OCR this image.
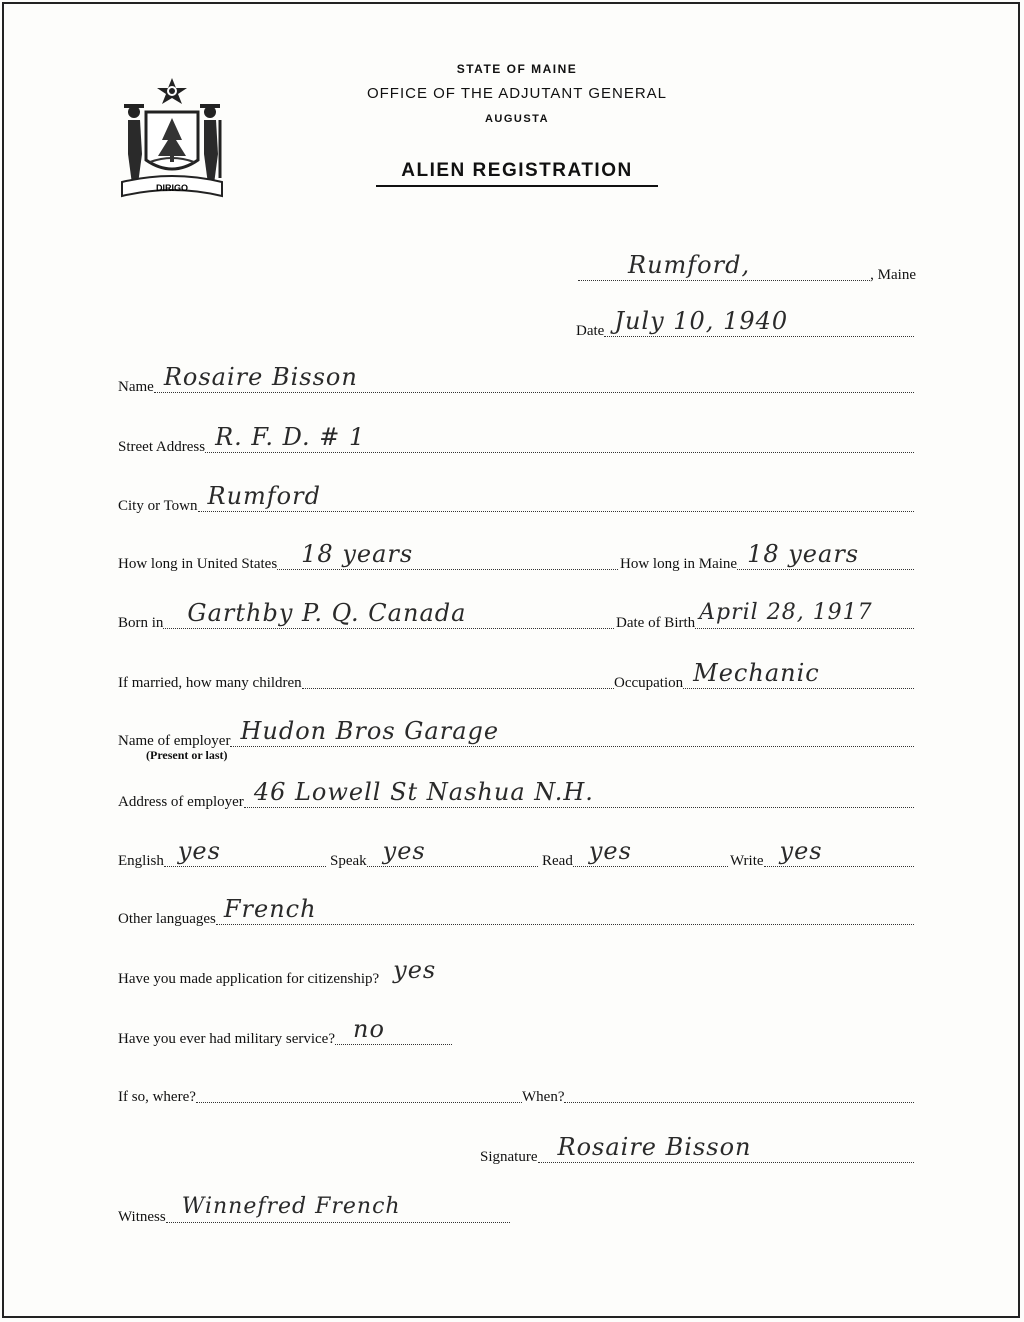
DIRIGO
STATE OF MAINE
OFFICE OF THE ADJUTANT GENERAL
AUGUSTA
ALIEN REGISTRATION
Rumford,	, Maine
Date July 10, 1940
Name Rosaire Bisson
Street Address R. F. D. # 1
City or Town Rumford
How long in United States 18 years	How long in Maine 18 years
Born in Garthby P. Q. Canada	Date of Birth April 28, 1917
If married, how many children	Occupation Mechanic
Name of employer Hudon Bros Garage
(Present or last)
Address of employer 46 Lowell St Nashua N.H.
English yes	Speak yes	Read yes	Write yes
Other languages French
Have you made application for citizenship? yes
Have you ever had military service? no
If so, where?	When?
Signature Rosaire Bisson
Witness Winnefred French
